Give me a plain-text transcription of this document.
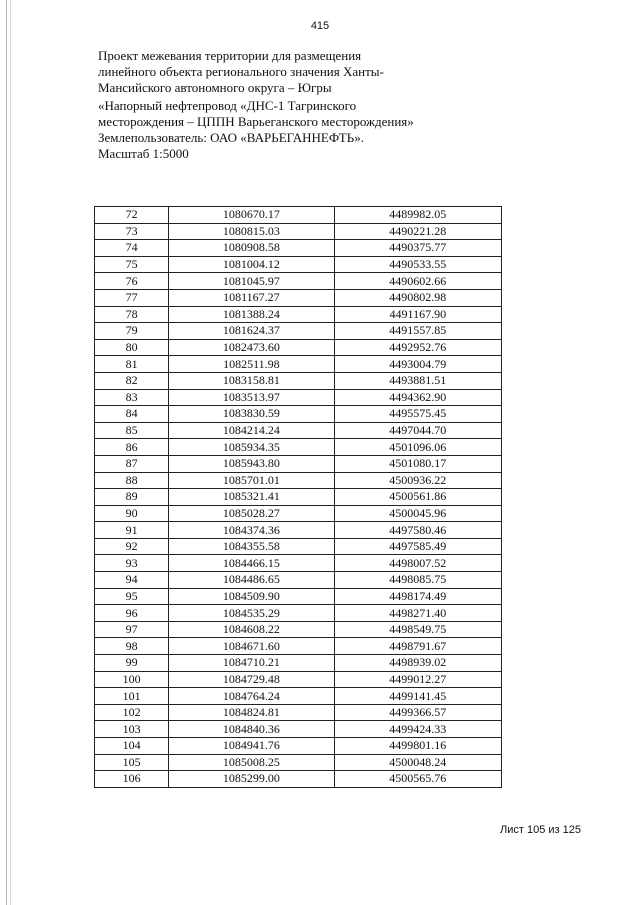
415
Проект межевания территории для размещения линейного объекта регионального значения Ханты-Мансийского автономного округа – Югры
«Напорный нефтепровод «ДНС-1 Тагринского месторождения – ЦППН Варьеганского месторождения»
Землепользователь: ОАО «ВАРЬЕГАННЕФТЬ».
Масштаб 1:5000
72	1080670.17	4489982.05
73	1080815.03	4490221.28
74	1080908.58	4490375.77
75	1081004.12	4490533.55
76	1081045.97	4490602.66
77	1081167.27	4490802.98
78	1081388.24	4491167.90
79	1081624.37	4491557.85
80	1082473.60	4492952.76
81	1082511.98	4493004.79
82	1083158.81	4493881.51
83	1083513.97	4494362.90
84	1083830.59	4495575.45
85	1084214.24	4497044.70
86	1085934.35	4501096.06
87	1085943.80	4501080.17
88	1085701.01	4500936.22
89	1085321.41	4500561.86
90	1085028.27	4500045.96
91	1084374.36	4497580.46
92	1084355.58	4497585.49
93	1084466.15	4498007.52
94	1084486.65	4498085.75
95	1084509.90	4498174.49
96	1084535.29	4498271.40
97	1084608.22	4498549.75
98	1084671.60	4498791.67
99	1084710.21	4498939.02
100	1084729.48	4499012.27
101	1084764.24	4499141.45
102	1084824.81	4499366.57
103	1084840.36	4499424.33
104	1084941.76	4499801.16
105	1085008.25	4500048.24
106	1085299.00	4500565.76
Лист 105 из 125
